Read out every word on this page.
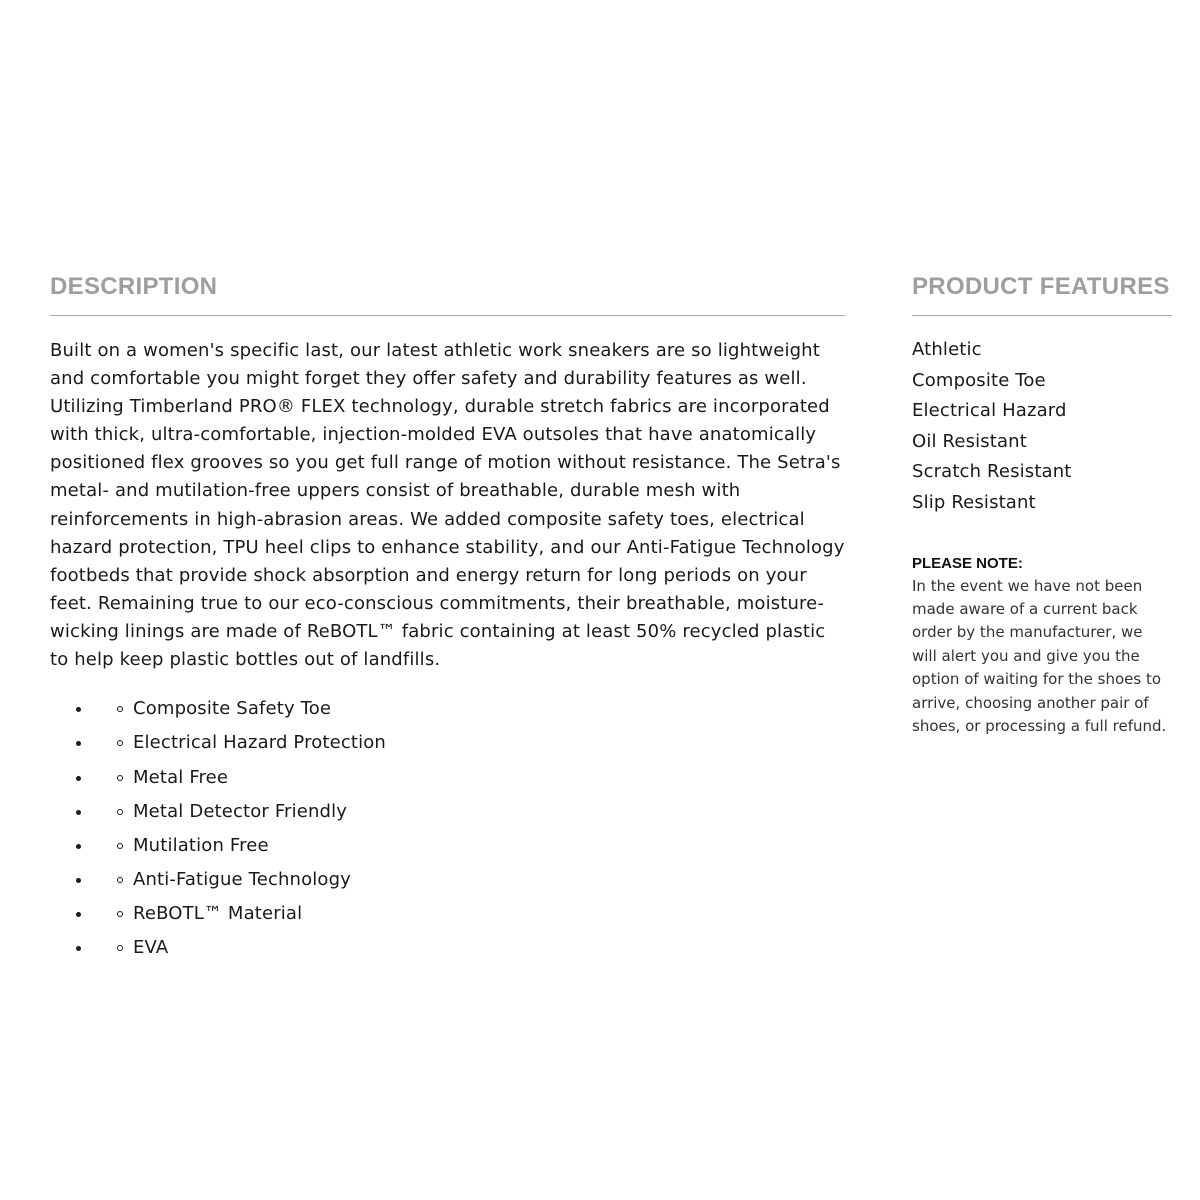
DESCRIPTION

Built on a women's specific last, our latest athletic work sneakers are so lightweight and comfortable you might forget they offer safety and durability features as well. Utilizing Timberland PRO® FLEX technology, durable stretch fabrics are incorporated with thick, ultra-comfortable, injection-molded EVA outsoles that have anatomically positioned flex grooves so you get full range of motion without resistance. The Setra's metal- and mutilation-free uppers consist of breathable, durable mesh with reinforcements in high-abrasion areas. We added composite safety toes, electrical hazard protection, TPU heel clips to enhance stability, and our Anti-Fatigue Technology footbeds that provide shock absorption and energy return for long periods on your feet. Remaining true to our eco-conscious commitments, their breathable, moisture-wicking linings are made of ReBOTL™ fabric containing at least 50% recycled plastic to help keep plastic bottles out of landfills.

Composite Safety Toe
Electrical Hazard Protection
Metal Free
Metal Detector Friendly
Mutilation Free
Anti-Fatigue Technology
ReBOTL™ Material
EVA
PRODUCT FEATURES
Athletic
Composite Toe
Electrical Hazard
Oil Resistant
Scratch Resistant
Slip Resistant
PLEASE NOTE:
In the event we have not been made aware of a current back order by the manufacturer, we will alert you and give you the option of waiting for the shoes to arrive, choosing another pair of shoes, or processing a full refund.
